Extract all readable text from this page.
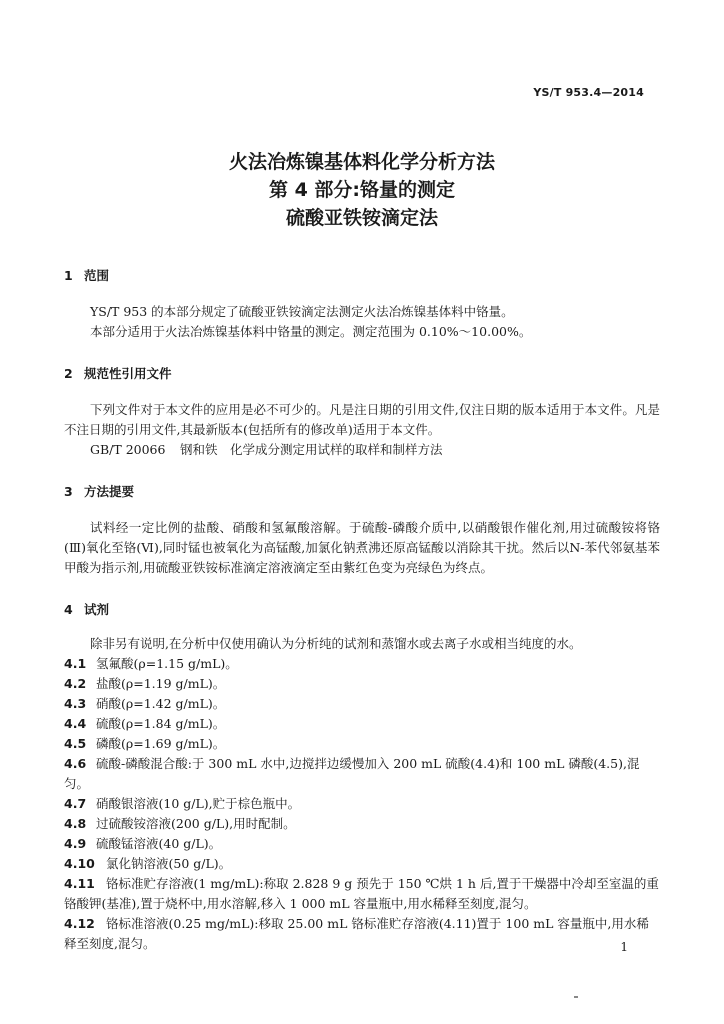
YS/T 953.4—2014
火法冶炼镍基体料化学分析方法
第 4 部分:铬量的测定
硫酸亚铁铵滴定法
1 范围
YS/T 953 的本部分规定了硫酸亚铁铵滴定法测定火法冶炼镍基体料中铬量。
本部分适用于火法冶炼镍基体料中铬量的测定。测定范围为 0.10%～10.00%。
2 规范性引用文件
下列文件对于本文件的应用是必不可少的。凡是注日期的引用文件,仅注日期的版本适用于本文件。凡是不注日期的引用文件,其最新版本(包括所有的修改单)适用于本文件。
GB/T 20066 钢和铁　化学成分测定用试样的取样和制样方法
3 方法提要
试料经一定比例的盐酸、硝酸和氢氟酸溶解。于硫酸-磷酸介质中,以硝酸银作催化剂,用过硫酸铵将铬(Ⅲ)氧化至铬(Ⅵ),同时锰也被氧化为高锰酸,加氯化钠煮沸还原高锰酸以消除其干扰。然后以N-苯代邻氨基苯甲酸为指示剂,用硫酸亚铁铵标准滴定溶液滴定至由紫红色变为亮绿色为终点。
4 试剂
除非另有说明,在分析中仅使用确认为分析纯的试剂和蒸馏水或去离子水或相当纯度的水。
4.1 氢氟酸(ρ=1.15 g/mL)。
4.2 盐酸(ρ=1.19 g/mL)。
4.3 硝酸(ρ=1.42 g/mL)。
4.4 硫酸(ρ=1.84 g/mL)。
4.5 磷酸(ρ=1.69 g/mL)。
4.6 硫酸-磷酸混合酸:于 300 mL 水中,边搅拌边缓慢加入 200 mL 硫酸(4.4)和 100 mL 磷酸(4.5),混匀。
4.7 硝酸银溶液(10 g/L),贮于棕色瓶中。
4.8 过硫酸铵溶液(200 g/L),用时配制。
4.9 硫酸锰溶液(40 g/L)。
4.10 氯化钠溶液(50 g/L)。
4.11 铬标准贮存溶液(1 mg/mL):称取 2.828 9 g 预先于 150 ℃烘 1 h 后,置于干燥器中冷却至室温的重铬酸钾(基准),置于烧杯中,用水溶解,移入 1 000 mL 容量瓶中,用水稀释至刻度,混匀。
4.12 铬标准溶液(0.25 mg/mL):移取 25.00 mL 铬标准贮存溶液(4.11)置于 100 mL 容量瓶中,用水稀释至刻度,混匀。	1
